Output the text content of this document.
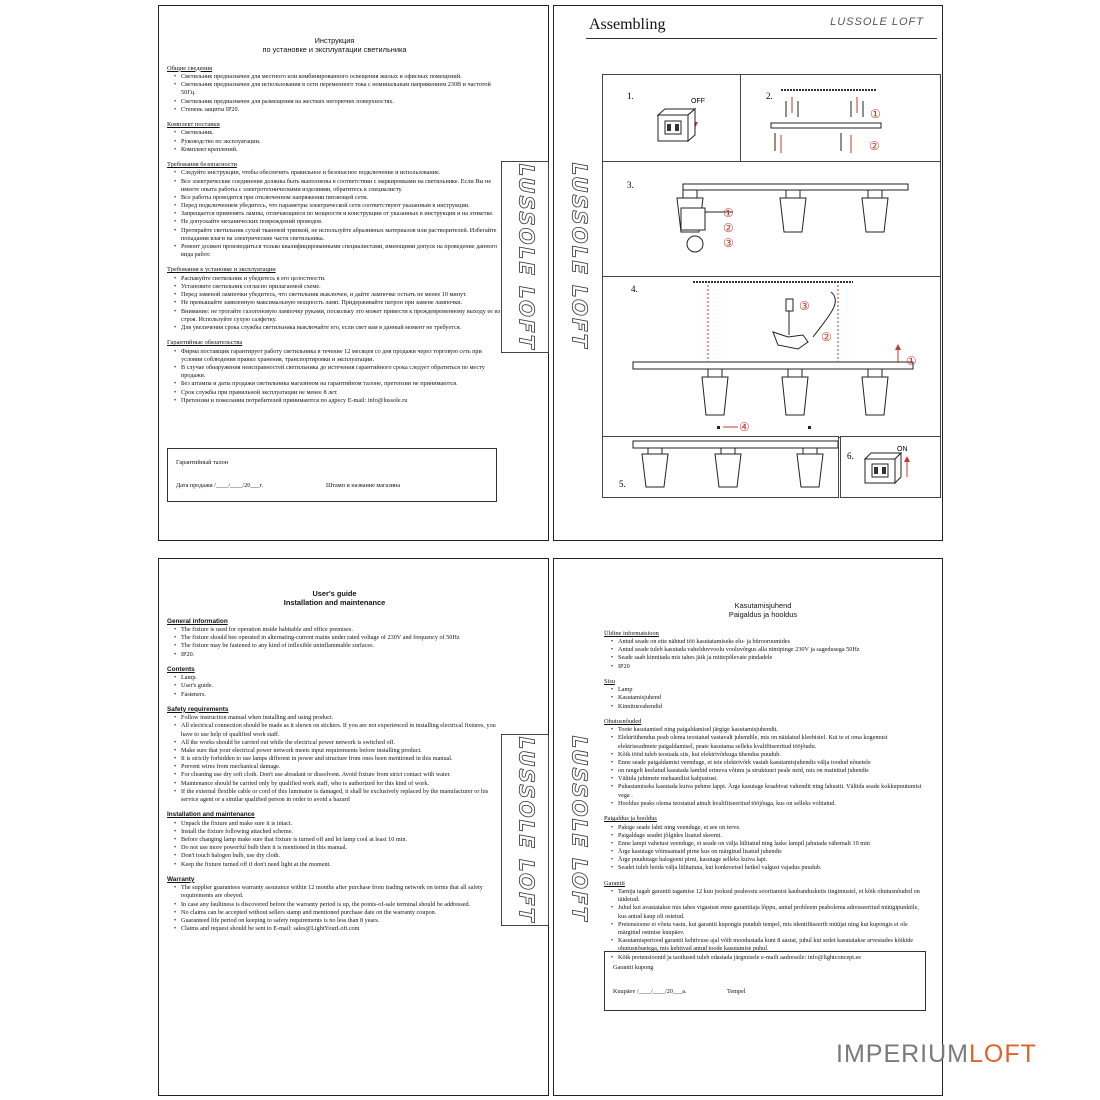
Инструкция
по установке и эксплуатации светильника
Общие сведения
• Светильник предназначен для местного или комбинированного освещения жилых и офисных помещений.
• Светильник предназначен для использования в сети переменного тока с номинальным напряжением 230В и частотой 50Гц.
• Светильник предназначен для размещения на жестких негорючих поверхностях.
• Степень защиты IP20.
Комплект поставки
• Светильник.
• Руководство по эксплуатации.
• Комплект креплений.
Требования безопасности
• Следуйте инструкции, чтобы обеспечить правильное и безопасное подключение и использование.
• Все электрические соединения должны быть выполнены в соответствии с маркировками на светильнике. Если Вы не имеете опыта работы с электротехническими изделиями, обратитесь к специалисту.
• Все работы проводятся при отключенном напряжении питающей сети.
• Перед подключением убедитесь, что параметры электрической сети соответствуют указанным в инструкции.
• Запрещается применять лампы, отличающиеся по мощности и конструкции от указанных в инструкции и на этикетке.
• Не допускайте механических повреждений проводов.
• Протирайте светильник сухой тканевой тряпкой, не используйте абразивных материалов или растворителей. Избегайте попадания влаги на электрические части светильника.
• Ремонт должен производиться только квалифицированными специалистами, имеющими допуск на проведение данного вида работ.
Требования к установке и эксплуатации
• Распакуйте светильник и убедитесь в его целостности.
• Установите светильник согласно прилагаемой схеме.
• Перед заменой лампочки убедитесь, что светильник выключен, и дайте лампочке остыть не менее 10 минут.
• Не превышайте заявленную максимальную мощность ламп. Придерживайте патрон при замене лампочки.
• Внимание: не трогайте галогеновую лампочку руками, поскольку это может привести к преждевременному выходу ее из строя. Используйте сухую салфетку.
• Для увеличения срока службы светильника выключайте его, если свет вам в данный момент не требуется.
Гарантийные обязательства
• Фирма поставщик гарантирует работу светильника в течение 12 месяцев со дня продажи через торговую сеть при условии соблюдения правил хранения, транспортировки и эксплуатации.
• В случае обнаружения неисправностей светильника до истечения гарантийного срока следует обратиться по месту продажи.
• Без штампа и даты продажи светильника магазином на гарантийном талоне, претензии не принимаются.
• Срок службы при правильной эксплуатации не менее 8 лет.
• Претензии и пожелания потребителей принимаются по адресу E-mail: info@lussole.ru
LUSSOLE LOFT
Гарантийный талон
Дата продажи /____/____/20___г.	Штамп и название магазина
Assembling	LUSSOLE LOFT
LUSSOLE LOFT
1.
OFF
2.
①
②
3.
①
②
③
4.
③
②
①
④
5.
6.
ON
User's guide
Installation and maintenance
General information
• The fixture is used for operation inside habitable and office premises.
• The fixture should bee operated in alternating-current mains under rated voltage of 230V and frequency of 50Hz
• The fixture may be fastened to any kind of inflexible uninflammable surfaces.
• IP20.
Contents
• Lamp.
• User's guide.
• Fasteners.
Safety requirements
• Follow instruction manual when installing and using product.
• All electrical connection should be made as it shown on stickers. If you are not experienced in installing electrical fixtures, you have to use help of qualified work staff.
• All the works should be carried out while the electrical power network is switched off.
• Make sure that your electrical power network meets input requirements before installing product.
• It is strictly forbidden to use lamps different in power and structure from ones been mentioned in this manual.
• Prevent wires from mechanical damage.
• For cleaning use dry soft cloth. Don't use abradant or dissolvent. Avoid fixture from strict contact with water.
• Maintenance should be carried only by qualified work staff, who is authorized for this kind of work.
• If the external flexible cable or cord of this luminaire is damaged, it shall be exclusively replaced by the manufacturer or his service agent or a similar qualified person in order to avoid a hazard
Installation and maintenance
• Unpack the fixture and make sure it is intact.
• Install the fixture following attached scheme.
• Before changing lamp make sure that fixture is turned off and let lamp cool at least 10 min.
• Do not use more powerful bulb then it is mentioned in this manual.
• Don't touch halogen bulb, use dry cloth.
• Keep the fixture turned off if don't need light at the moment.
Warranty
• The supplier guarantees warranty assurance within 12 months after purchase from trading network on terms that all safety requirements are obeyed.
• In case any faultiness is discovered before the warranty period is up, the points-of-sale terminal should be addressed.
• No claims can be accepted without sellers stamp and mentioned purchase date on the warranty coupon.
• Guaranteed life period on keeping to safety requirements is no less than 8 years.
• Claims and request should be sent to E-mail: sales@LightYourLoft.com
LUSSOLE LOFT LUSSOLE LOFT
Kasutamisjuhend
Paigaldus ja hooldus
Üldine informatsioon
• Antud seade on ette nähtud töö kasutatamiseks elu- ja bürooruumides
• Antud seade tuleb kasutada vahelduvvoolu vooluvõrgus alla nimipinge 230V ja sagedusega 50Hz
• Seade saab kinnitada mis tahes jäik ja mittepõlevate pindadele
• IP20
Sisu
• Lamp
• Kasutamisjuhend
• Kinnitusvahendid
Ohutusnõuded
• Toote kasutamisel ning paigaldamisel järgige kasutamisjuhendit.
• Elektriühendus peab olema teostatud vastavalt juhendile, mis on näidatud kleebistel. Kui te ei oma kogemust elektriseadmete paigaldamisel, peate kasutama selleks kvalifitseeritud tööjõudu.
• Kõik tööd tuleb teostada siis, kui elektrivõrkuga ühendus puudub.
• Enne seade paigaldamist veenduge, et teie elektrivõrk vastab kasutamisjuhendis välja toodud nõuetele
• on rangelt keelatud kasutada lambid erineva võimu ja struktuuri peale neid, mis on mainitud juhendis
• Vältida juhtmete mehaanilist kahjustust.
• Puhastamiseks kasutada kuiva pehme lappi. Ärge kasutage kraabivat vahendit ning lahustit. Vältida seade kokkupuutumist vega .
• Hooldus peaks olema teostatud ainult kvalifitseeritud tööjõuga, kus on selleks volitatud.
Paigaldus ja hooldus
• Pakige seade lahti ning veenduge, et see on terve.
• Paigaldage seadet jõlgides lisatud skeemi.
• Enne lampi vahetust veenduge, et seade on välja lülitatud ning laske lampil jahutada vähemalt 10 min
• Ärge kasutage võimsamaid pirne kus on märgitud lisatud juhendis
• Ärge puudutage halogeeni pirni, kasutage selleks kuiva lapi.
• Seadet tuleb hoida välja lülitatuna, kui konkreetsel hetkel valgust vajadus puudub.
Garantii
• Tarnija tagab garantii tagamise 12 kuu jooksul pealeostu sooritamist kaubandusketis tingimustel, et kõik ohutusnõuded on täidetud.
• Juhul kui avastatakse mis tahes vigastust enne garantiiaja lõppu, antud probleem peabolema adresseeritud müügipunktile, kus antud kaup oli ostetud.
• Pretensioone ei võeta vastu, kui garantii kupongis puudub tempel, mis identifitseerib müüjat ning kui kupongis ei ole märgitud ostmise kuupäev.
• Kasutamisperiood garantii kehtivuse ajal võib moodustada kuni 8 aastat, juhul kui sedet kasutatakse arvestades kõikide ohutusnõuetega, mis kehtivad antud toode kasutamise puhul.
• Kõik pretensioonid ja taotlused tuleb edastada järgmisele e-maili aadressile: info@lightconcept.ee
Garantii kupong
Kuupäev /____/____/20___a.	Tempel
IMPERIUMLOFT
